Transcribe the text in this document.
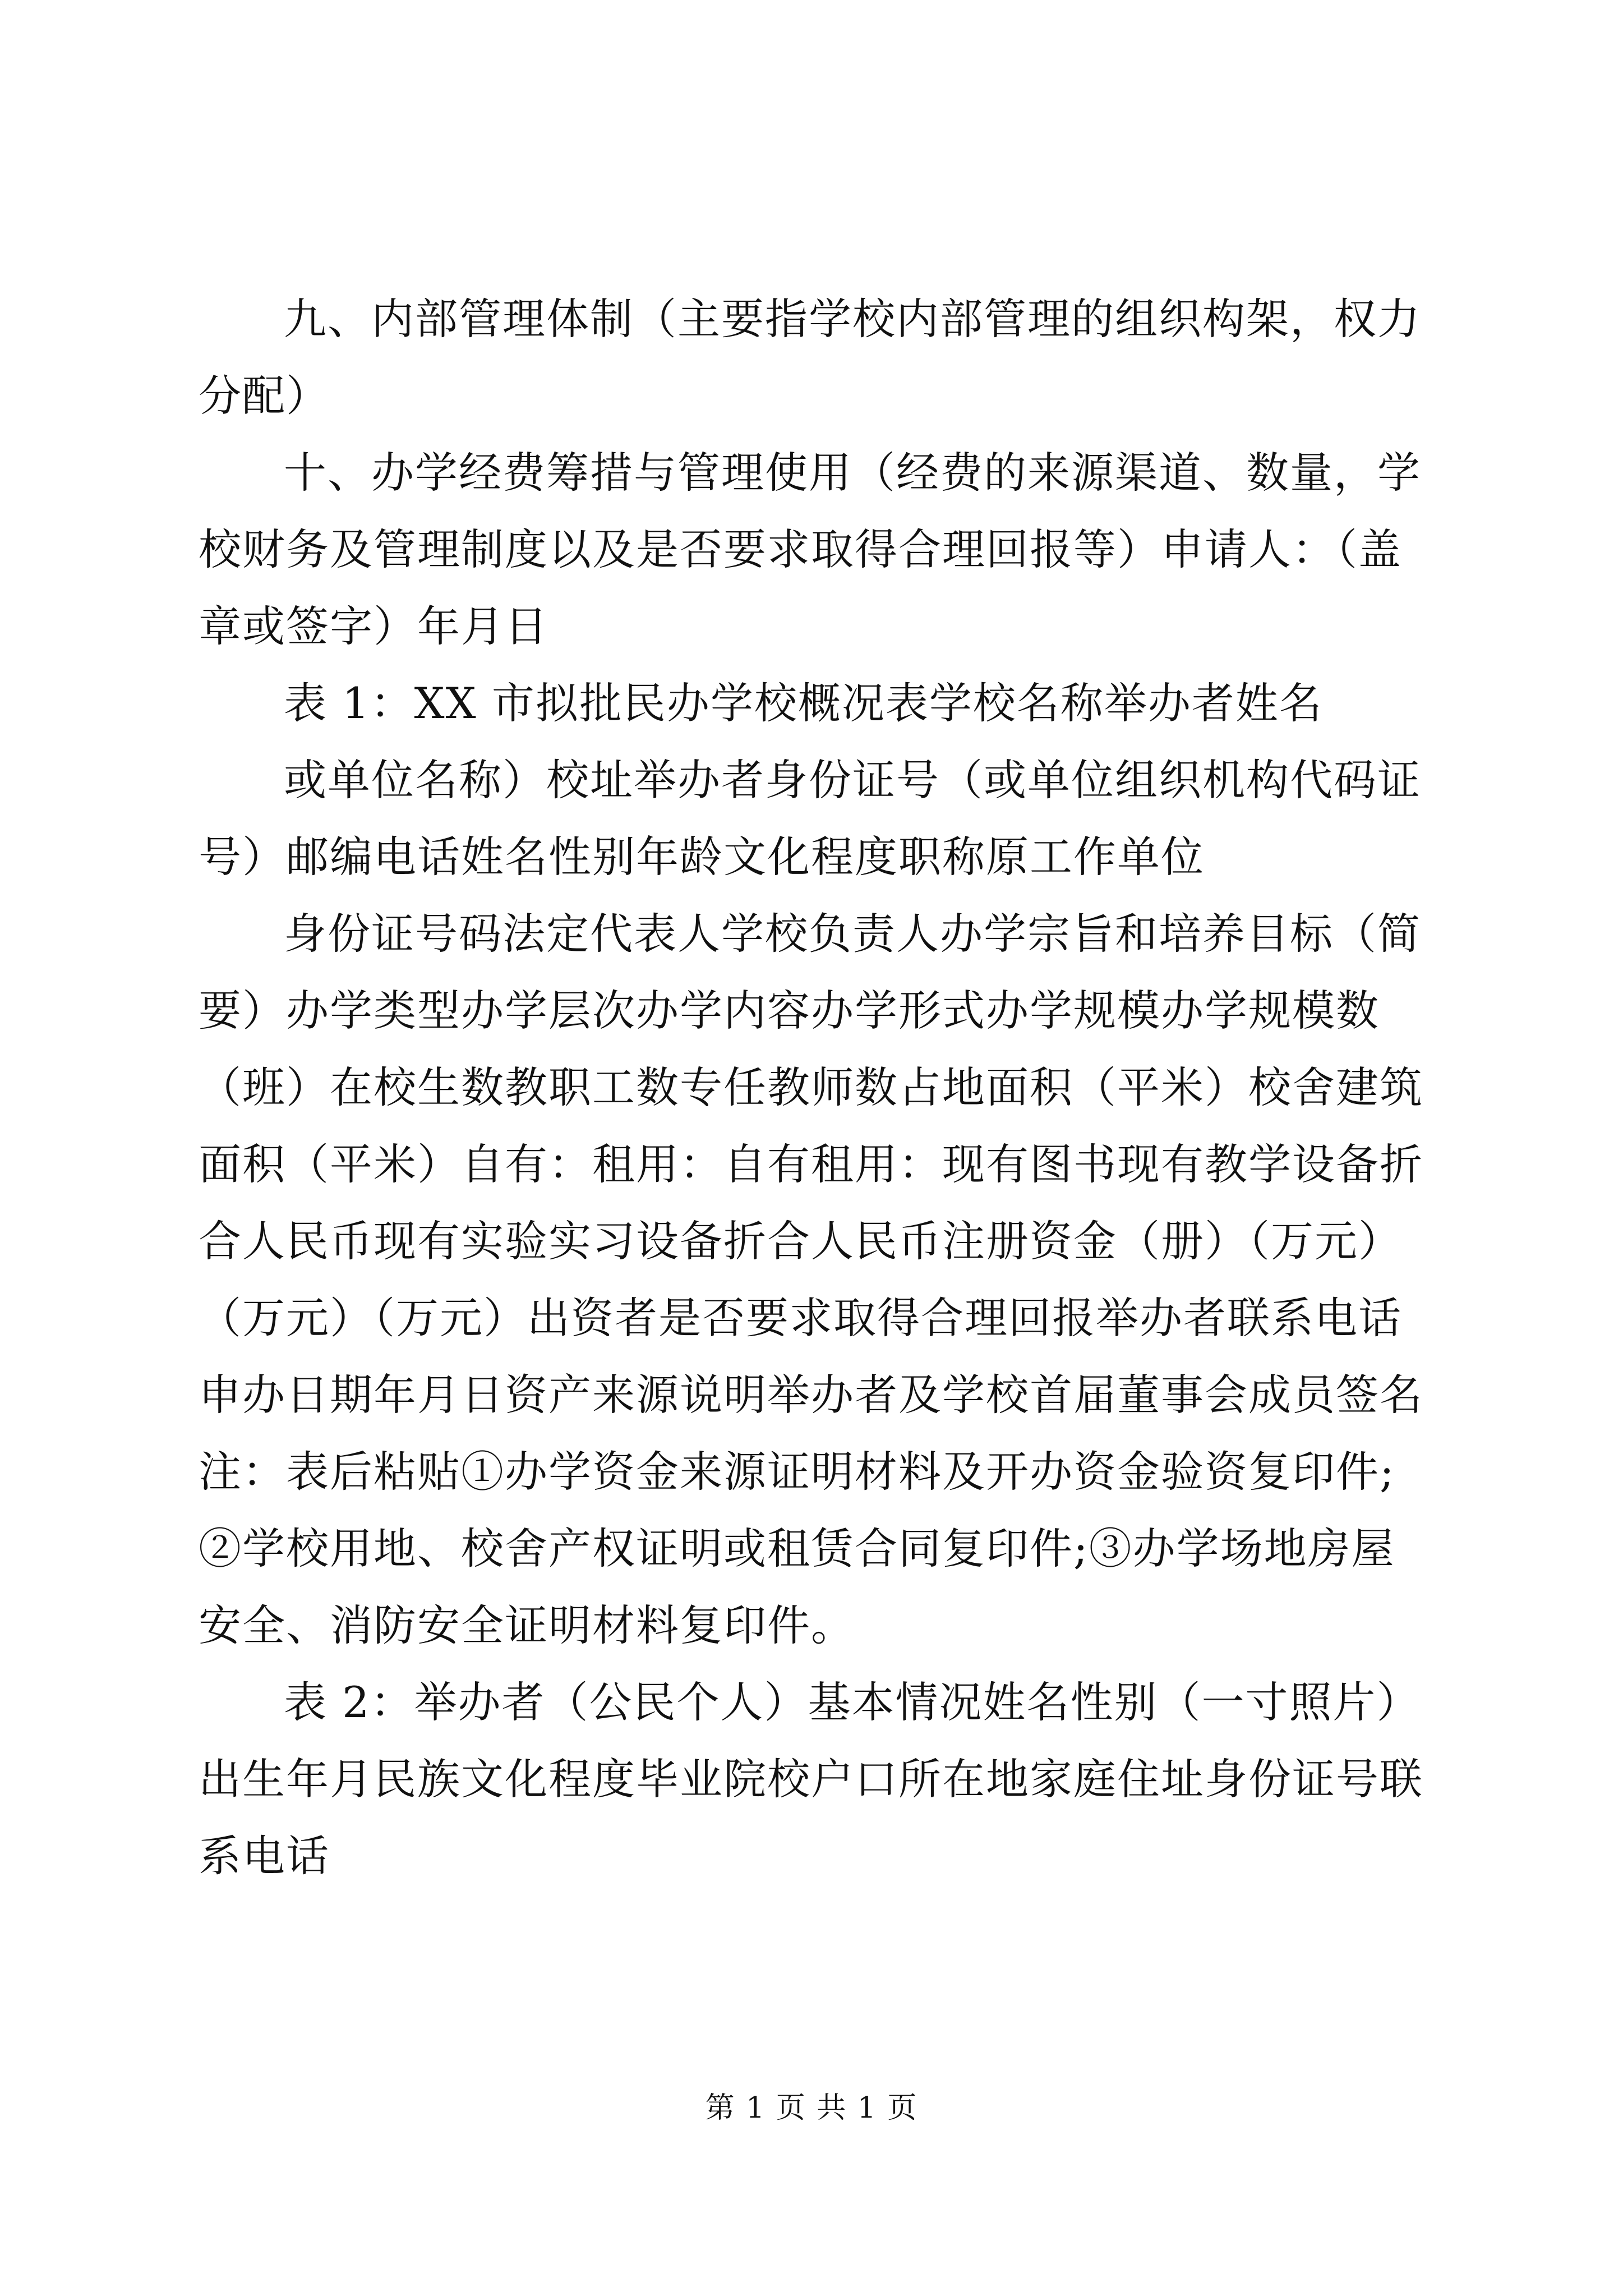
九、内部管理体制（主要指学校内部管理的组织构架，权力分配）

十、办学经费筹措与管理使用（经费的来源渠道、数量，学校财务及管理制度以及是否要求取得合理回报等）申请人：（盖章或签字）年月日

表 1：XX 市拟批民办学校概况表学校名称举办者姓名

或单位名称）校址举办者身份证号（或单位组织机构代码证号）邮编电话姓名性别年龄文化程度职称原工作单位

身份证号码法定代表人学校负责人办学宗旨和培养目标（简要）办学类型办学层次办学内容办学形式办学规模办学规模数（班）在校生数教职工数专任教师数占地面积（平米）校舍建筑面积（平米）自有：租用：自有租用：现有图书现有教学设备折合人民币现有实验实习设备折合人民币注册资金（册）（万元）（万元）（万元）出资者是否要求取得合理回报举办者联系电话申办日期年月日资产来源说明举办者及学校首届董事会成员签名注：表后粘贴①办学资金来源证明材料及开办资金验资复印件;②学校用地、校舍产权证明或租赁合同复印件;③办学场地房屋安全、消防安全证明材料复印件。

表 2：举办者（公民个人）基本情况姓名性别（一寸照片）出生年月民族文化程度毕业院校户口所在地家庭住址身份证号联系电话

第 1 页 共 1 页
